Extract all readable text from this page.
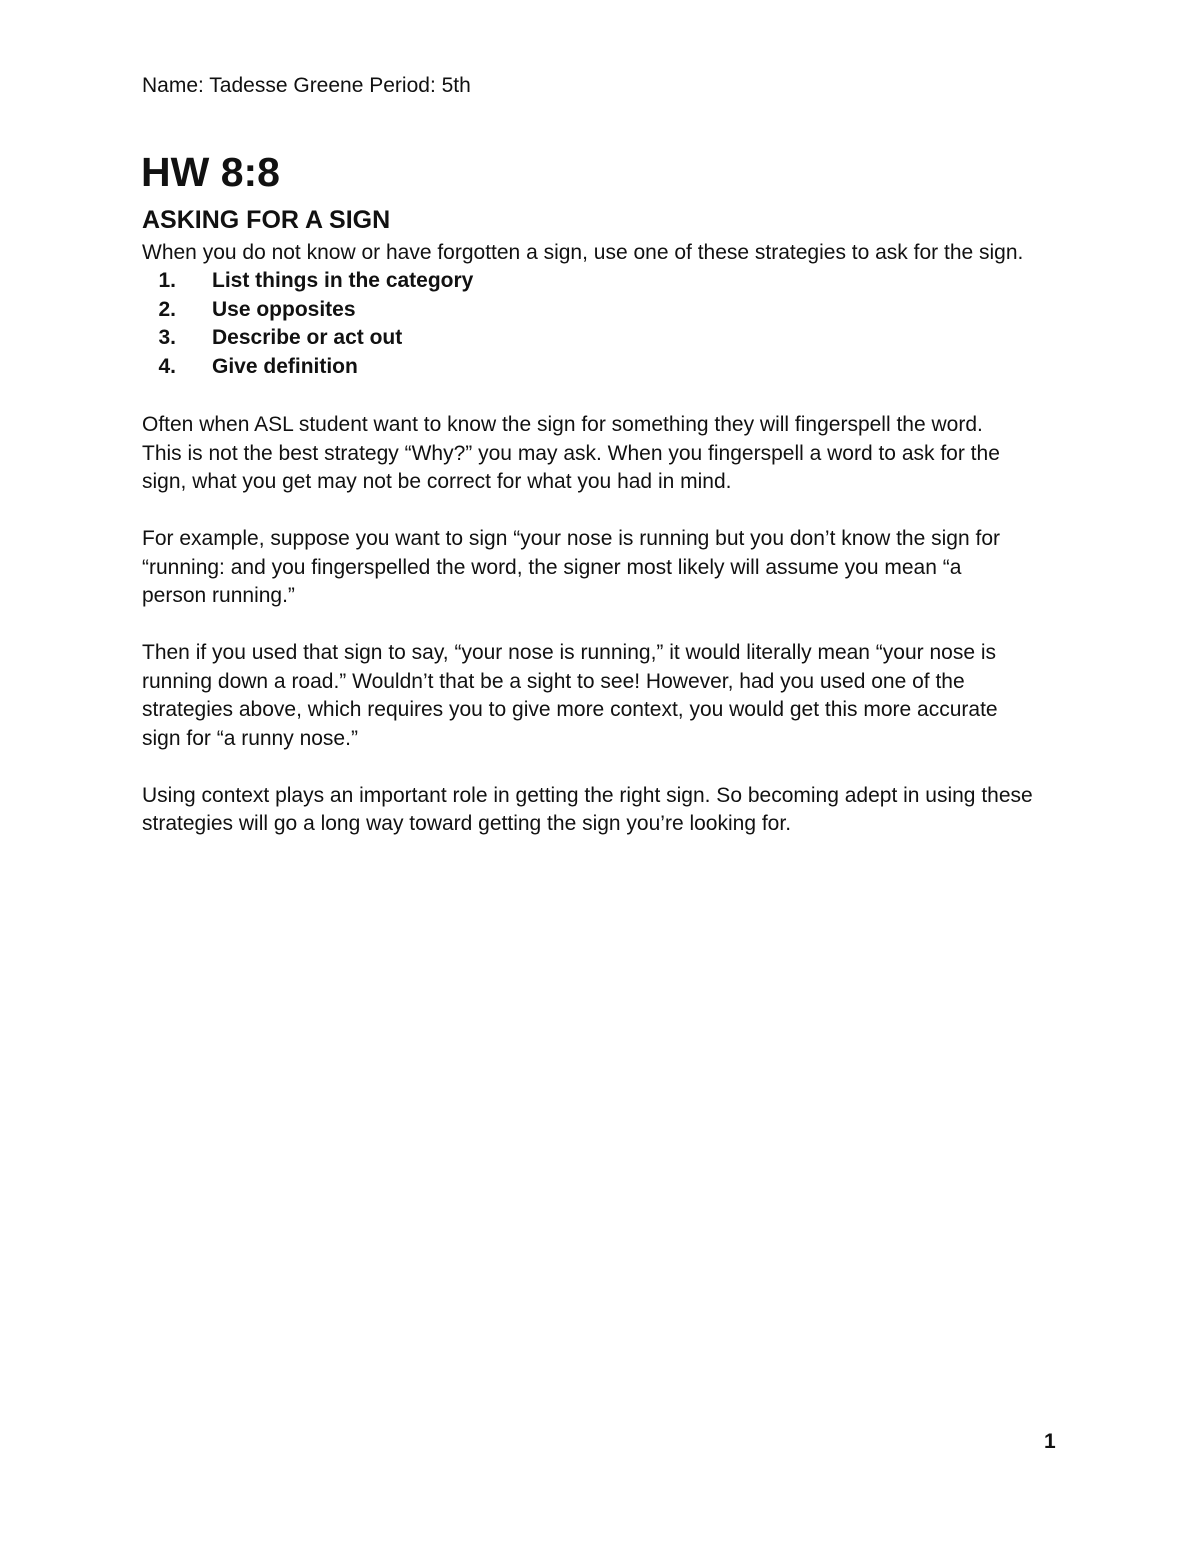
Name: Tadesse Greene Period: 5th
HW 8:8
ASKING FOR A SIGN
When you do not know or have forgotten a sign, use one of these strategies to ask for the sign.
1. List things in the category
2. Use opposites
3. Describe or act out
4. Give definition

Often when ASL student want to know the sign for something they will fingerspell the word.
This is not the best strategy “Why?” you may ask. When you fingerspell a word to ask for the
sign, what you get may not be correct for what you had in mind.

For example, suppose you want to sign “your nose is running but you don’t know the sign for
“running: and you fingerspelled the word, the signer most likely will assume you mean “a
person running.”

Then if you used that sign to say, “your nose is running,” it would literally mean “your nose is
running down a road.” Wouldn’t that be a sight to see! However, had you used one of the
strategies above, which requires you to give more context, you would get this more accurate
sign for “a runny nose.”

Using context plays an important role in getting the right sign. So becoming adept in using these
strategies will go a long way toward getting the sign you’re looking for.

1
